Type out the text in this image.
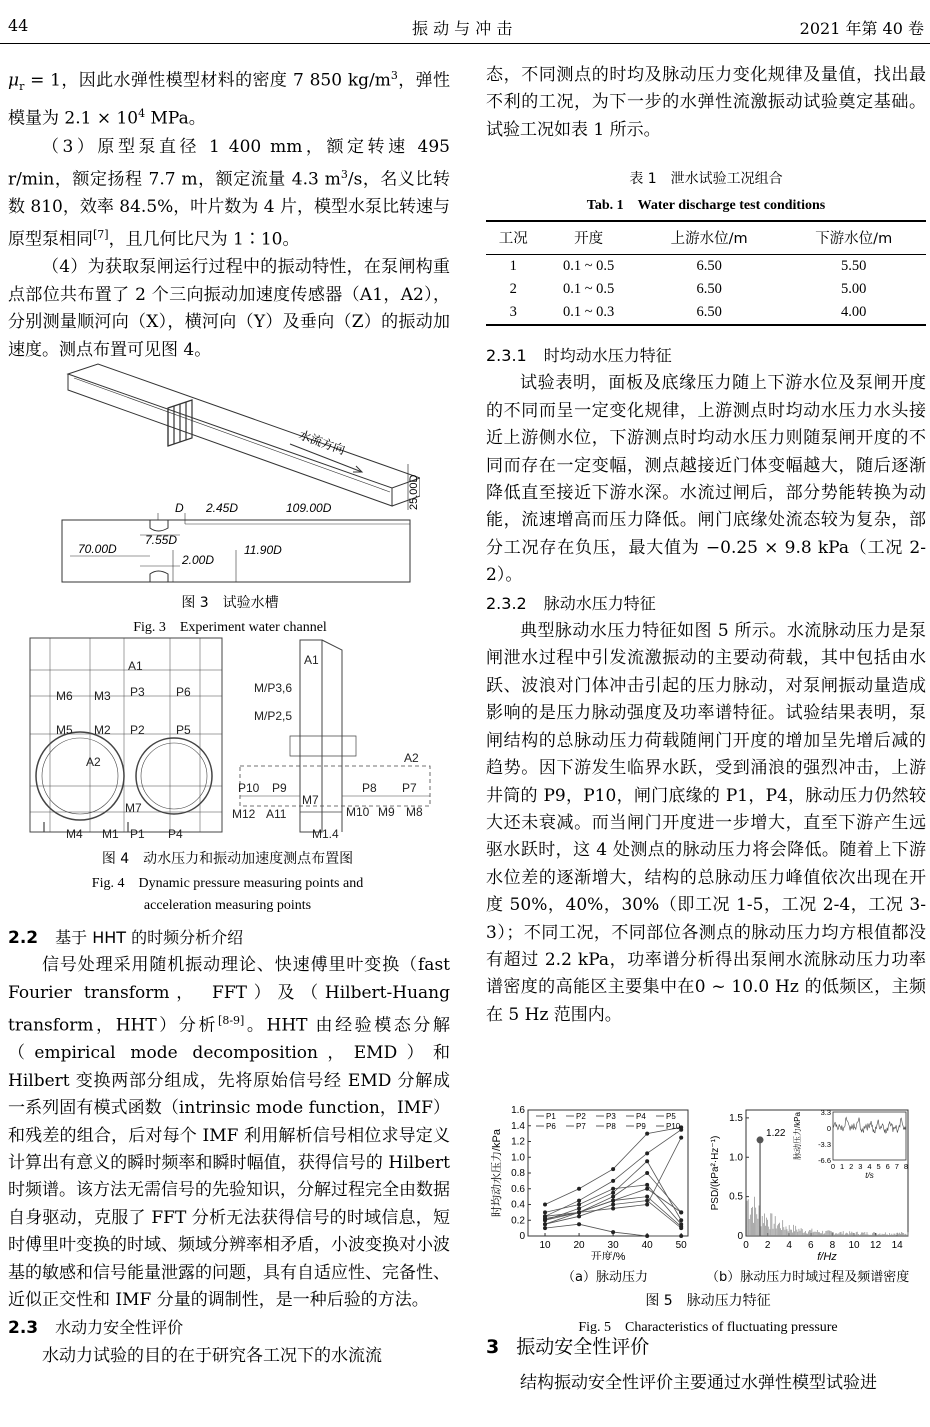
44	振 动 与 冲 击	2021 年第 40 卷

$\mu_r = 1$，因此水弹性模型材料的密度 7 850 $kg/m^3$，弹性模量为 $2.1 \times 10^4$ MPa。

（3）原型泵直径 1 400 mm，额定转速 495 r/min，额定扬程 7.7 m，额定流量 4.3 $m^3/s$，名义比转数 810，效率 84.5%，叶片数为 4 片，模型水泵比转速与原型泵相同[7]，且几何比尺为 1∶10。

（4）为获取泵闸运行过程中的振动特性，在泵闸构重点部位共布置了 2 个三向振动加速度传感器（A1，A2），分别测量顺河向（X），横河向（Y）及垂向（Z）的振动加速度。测点布置可见图 4。

水流方向
25.00D
D 2.45D	109.00D
7.55D
70.00D
2.00D
11.90D
图 3　试验水槽
Fig. 3　Experiment water channel
A1
P3	P6
M6 M3
M5 M2 P2	P5
A2
M7
M4 M1 P1 P4
A1
M/P3,6
M/P2,5
A2
P10 P9	P8 P7
M7
M12 A11	M10 M9 M8
M1,4
图 4　动水压力和振动加速度测点布置图
Fig. 4　Dynamic pressure measuring points and
acceleration measuring points

2.2　 基于 HHT 的时频分析介绍

信号处理采用随机振动理论、快速傅里叶变换（fast Fourier transform， FFT）及（Hilbert-Huang transform，HHT）分析[8-9]。HHT 由经验模态分解（empirical mode decomposition，EMD）和 Hilbert 变换两部分组成，先将原始信号经 EMD 分解成一系列固有模式函数（intrinsic mode function，IMF）和残差的组合，后对每个 IMF 利用解析信号相位求导定义计算出有意义的瞬时频率和瞬时幅值，获得信号的 Hilbert 时频谱。该方法无需信号的先验知识，分解过程完全由数据自身驱动，克服了 FFT 分析无法获得信号的时域信息，短时傅里叶变换的时域、频域分辨率相矛盾，小波变换对小波基的敏感和信号能量泄露的问题，具有自适应性、完备性、近似正交性和 IMF 分量的调制性，是一种后验的方法。

2.3　 水动力安全性评价

水动力试验的目的在于研究各工况下的水流流

态，不同测点的时均及脉动压力变化规律及量值，找出最不利的工况，为下一步的水弹性流激振动试验奠定基础。试验工况如表 1 所示。

表 1　泄水试验工况组合
Tab. 1　Water discharge test conditions
工况	开度	上游水位/m	下游水位/m
1	0.1 ~ 0.5	6.50	5.50
2	0.1 ~ 0.5	6.50	5.00
3	0.1 ~ 0.3	6.50	4.00

2.3.1　 时均动水压力特征

试验表明，面板及底缘压力随上下游水位及泵闸开度的不同而呈一定变化规律，上游测点时均动水压力水头接近上游侧水位，下游测点时均动水压力则随泵闸开度的不同而存在一定变幅，测点越接近门体变幅越大，随后逐渐降低直至接近下游水深。水流过闸后，部分势能转换为动能，流速增高而压力降低。闸门底缘处流态较为复杂，部分工况存在负压，最大值为 −0.25 × 9.8 kPa（工况 2-2）。

2.3.2　 脉动水压力特征

典型脉动水压力特征如图 5 所示。水流脉动压力是泵闸泄水过程中引发流激振动的主要动荷载，其中包括由水跃、波浪对门体冲击引起的压力脉动，对泵闸振动量造成影响的是压力脉动强度及功率谱特征。试验结果表明，泵闸结构的总脉动压力荷载随闸门开度的增加呈先增后减的趋势。因下游发生临界水跃，受到涌浪的强烈冲击，上游井筒的 P9，P10，闸门底缘的 P1，P4，脉动压力仍然较大还未衰减。而当闸门开度进一步增大，直至下游产生远驱水跃时，这 4 处测点的脉动压力将会降低。随着上下游水位差的逐渐增大，结构的总脉动压力峰值依次出现在开度 50%，40%，30%（即工况 1-5，工况 2-4，工况 3-3）；不同工况，不同部位各测点的脉动压力均方根值都没有超过 2.2 kPa，功率谱分析得出泵闸水流脉动压力功率谱密度的高能区主要集中在0 ~ 10.0 Hz 的低频区，主频在 5 Hz 范围内。

0
0.2
0.4
0.6
0.8
1.0
1.2
1.4
1.6
10 20 30 40 50
开度/%
时均动水压力/kPa
P1	P2	P3	P4	P5
P6	P7	P8	P9	P10
0
0.5
1.0
1.5
0 2 4 6 8 10 12 14
f/Hz
PSD/(kPa²·Hz⁻¹)
1.22
3.3
0
-3.3
-6.6
0 1 2 3 4 5 6 7 8
t/s
脉动压力/kPa
（a）脉动压力	（b）脉动压力时域过程及频谱密度
图 5　脉动压力特征
Fig. 5　Characteristics of fluctuating pressure

3　 振动安全性评价

结构振动安全性评价主要通过水弹性模型试验进
